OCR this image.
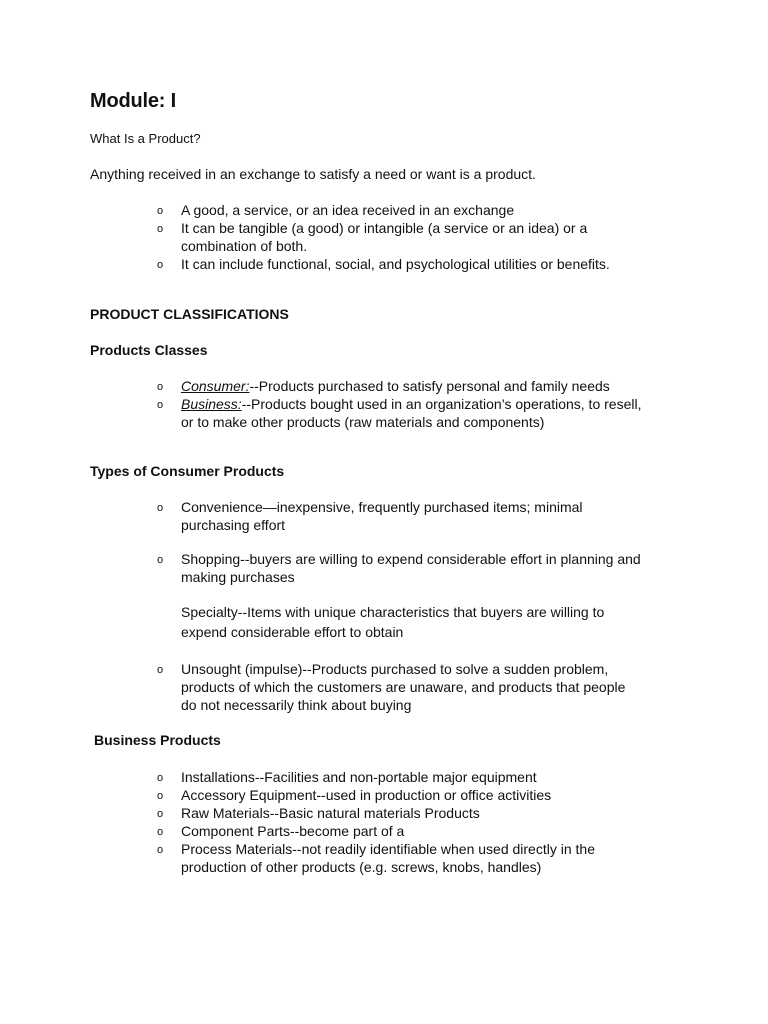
Module: I

What Is a Product?

Anything received in an exchange to satisfy a need or want is a product.

o A good, a service, or an idea received in an exchange
o It can be tangible (a good) or intangible (a service or an idea) or a
combination of both.
o It can include functional, social, and psychological utilities or benefits.
PRODUCT CLASSIFICATIONS
Products Classes
o Consumer:--Products purchased to satisfy personal and family needs
o Business:--Products bought used in an organization’s operations, to resell,
or to make other products (raw materials and components)
Types of Consumer Products
o Convenience—inexpensive, frequently purchased items; minimal
purchasing effort
o Shopping--buyers are willing to expend considerable effort in planning and
making purchases
Specialty--Items with unique characteristics that buyers are willing to
expend considerable effort to obtain
o Unsought (impulse)--Products purchased to solve a sudden problem,
products of which the customers are unaware, and products that people
do not necessarily think about buying
Business Products
o Installations--Facilities and non-portable major equipment
o Accessory Equipment--used in production or office activities
o Raw Materials--Basic natural materials Products
o Component Parts--become part of a
o Process Materials--not readily identifiable when used directly in the
production of other products (e.g. screws, knobs, handles)
